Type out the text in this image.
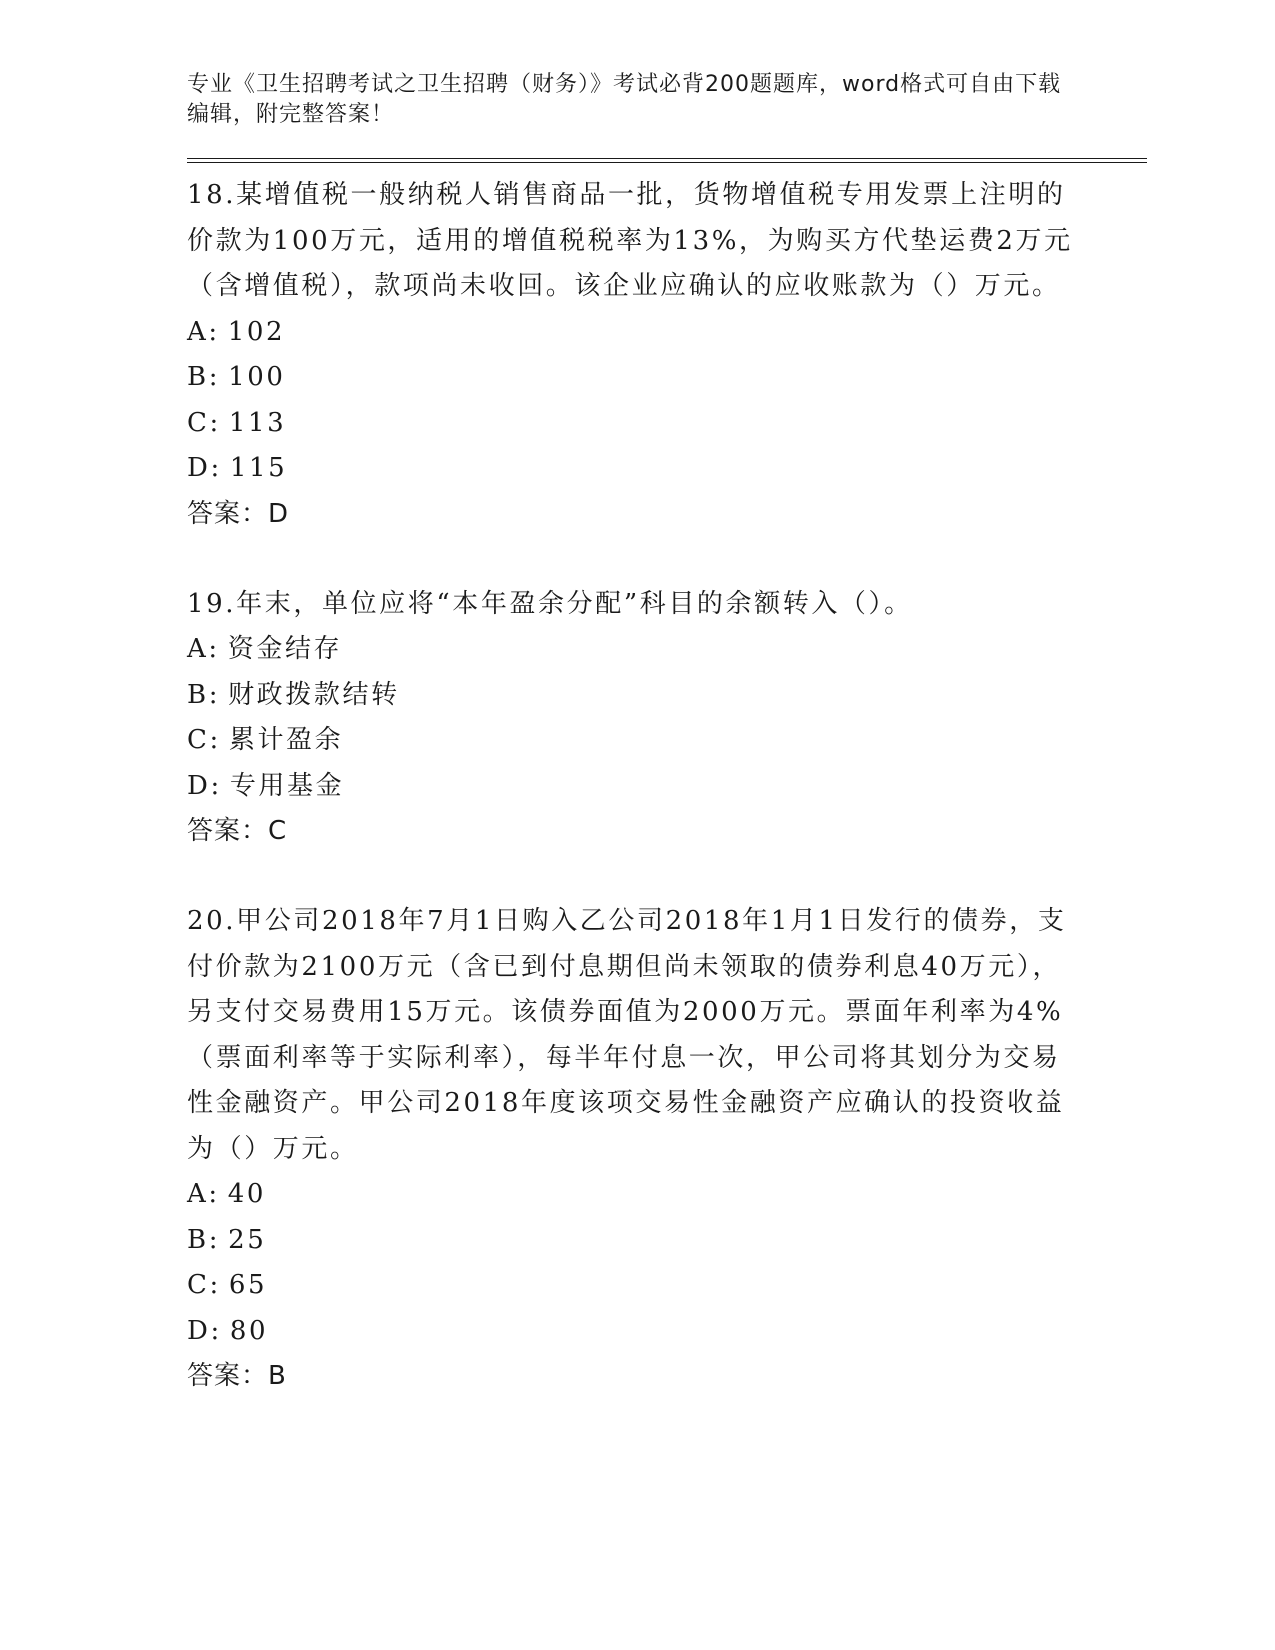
专业《卫生招聘考试之卫生招聘（财务）》考试必背200题题库，word格式可自由下载编辑，附完整答案！
18.某增值税一般纳税人销售商品一批，货物增值税专用发票上注明的价款为100万元，适用的增值税税率为13%，为购买方代垫运费2万元（含增值税），款项尚未收回。该企业应确认的应收账款为（）万元。
A: 102
B: 100
C: 113
D: 115
答案：D
19.年末，单位应将“本年盈余分配”科目的余额转入（）。
A: 资金结存
B: 财政拨款结转
C: 累计盈余
D: 专用基金
答案：C
20.甲公司2018年7月1日购入乙公司2018年1月1日发行的债券，支付价款为2100万元（含已到付息期但尚未领取的债券利息40万元），另支付交易费用15万元。该债券面值为2000万元。票面年利率为4%（票面利率等于实际利率），每半年付息一次，甲公司将其划分为交易性金融资产。甲公司2018年度该项交易性金融资产应确认的投资收益为（）万元。
A: 40
B: 25
C: 65
D: 80
答案：B
